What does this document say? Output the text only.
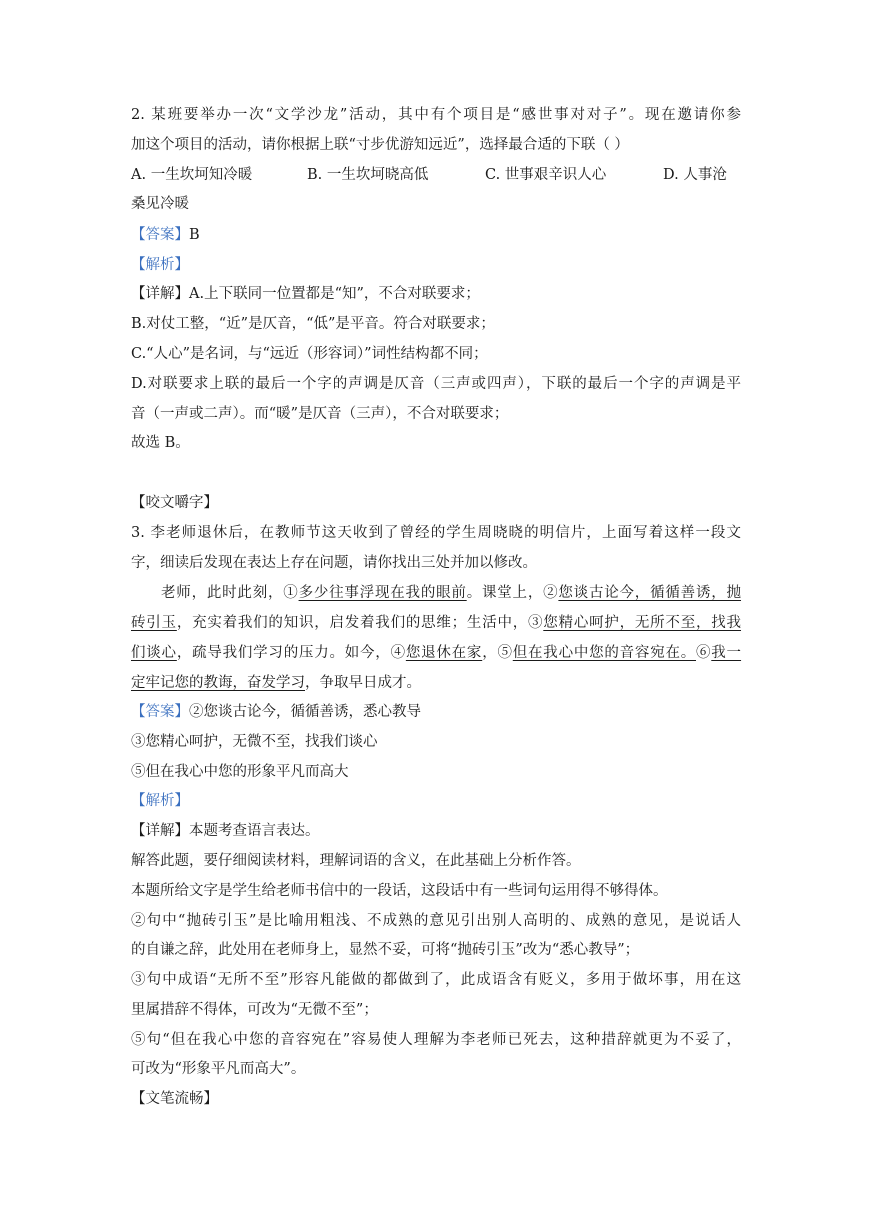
2. 某班要举办一次“文学沙龙”活动，其中有个项目是“感世事对对子”。现在邀请你参
加这个项目的活动，请你根据上联“寸步优游知远近”，选择最合适的下联（ ）
A. 一生坎坷知冷暖	B. 一生坎坷晓高低	C. 世事艰辛识人心	D. 人事沧
桑见冷暖
【答案】B
【解析】
【详解】A.上下联同一位置都是“知”，不合对联要求；
B.对仗工整，“近”是仄音，“低”是平音。符合对联要求；
C.“人心”是名词，与“远近（形容词）”词性结构都不同；
D.对联要求上联的最后一个字的声调是仄音（三声或四声），下联的最后一个字的声调是平
音（一声或二声）。而“暖”是仄音（三声），不合对联要求；
故选 B。
【咬文嚼字】
3. 李老师退休后，在教师节这天收到了曾经的学生周晓晓的明信片，上面写着这样一段文
字，细读后发现在表达上存在问题，请你找出三处并加以修改。
老师，此时此刻，①多少往事浮现在我的眼前。课堂上，②您谈古论今，循循善诱，抛
砖引玉，充实着我们的知识，启发着我们的思维；生活中，③您精心呵护，无所不至，找我
们谈心，疏导我们学习的压力。如今，④您退休在家，⑤但在我心中您的音容宛在。⑥我一
定牢记您的教诲，奋发学习，争取早日成才。
【答案】②您谈古论今，循循善诱，悉心教导
③您精心呵护，无微不至，找我们谈心
⑤但在我心中您的形象平凡而高大
【解析】
【详解】本题考查语言表达。
解答此题，要仔细阅读材料，理解词语的含义，在此基础上分析作答。
本题所给文字是学生给老师书信中的一段话，这段话中有一些词句运用得不够得体。
②句中“抛砖引玉”是比喻用粗浅、不成熟的意见引出别人高明的、成熟的意见，是说话人
的自谦之辞，此处用在老师身上，显然不妥，可将“抛砖引玉”改为“悉心教导”；
③句中成语“无所不至”形容凡能做的都做到了，此成语含有贬义，多用于做坏事，用在这
里属措辞不得体，可改为“无微不至”；
⑤句“但在我心中您的音容宛在”容易使人理解为李老师已死去，这种措辞就更为不妥了，
可改为“形象平凡而高大”。
【文笔流畅】
